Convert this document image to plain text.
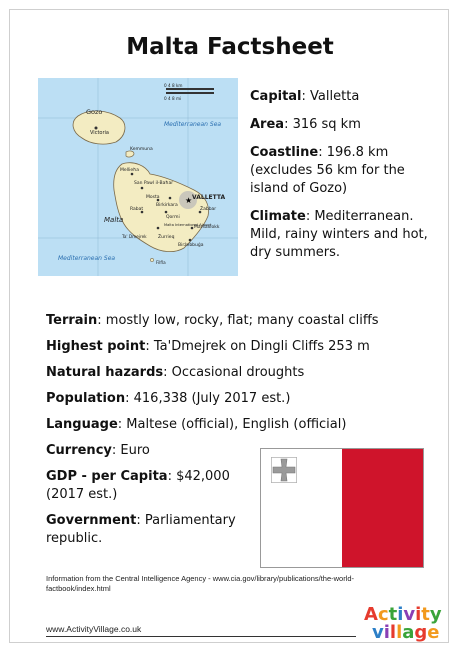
Malta Factsheet
★
Gozo
Victoria
Kemmuna
Mellieħa
San Pawl il-Baħar
Mosta
Birkirkara
VALLETTA
Żabbar
Rabat
Qormi
Malta
Malta International Airport
Ta' Dmejrek	Żurrieq
Marsaxlokk
Birżebbuġa
Filfla
Mediterranean Sea
Mediterranean Sea
0 4 8 km
0 4 8 mi	Capital: Valletta
Area: 316 sq km
Coastline: 196.8 km (excludes 56 km for the island of Gozo)
Climate: Mediterranean. Mild, rainy winters and hot, dry summers.
Terrain: mostly low, rocky, flat; many coastal cliffs
Highest point: Ta'Dmejrek on Dingli Cliffs 253 m
Natural hazards: Occasional droughts
Population: 416,338 (July 2017 est.)
Language: Maltese (official), English (official)
Currency: Euro
GDP - per Capita: $42,000 (2017 est.)
Government: Parliamentary republic.
Information from the Central Intelligence Agency - www.cia.gov/library/publications/the-world-factbook/index.html
www.ActivityVillage.co.uk
Activity
village
